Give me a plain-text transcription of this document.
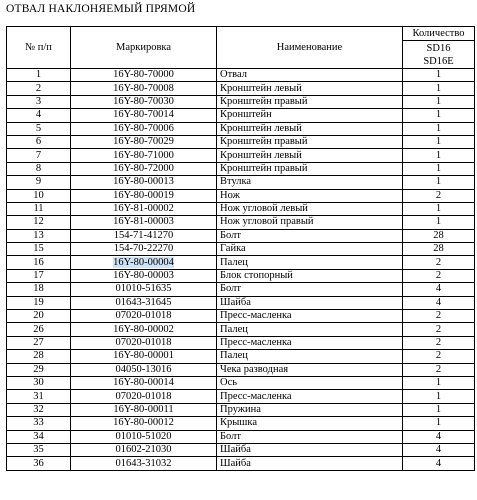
ОТВАЛ НАКЛОНЯЕМЫЙ ПРЯМОЙ
№ п/п	Маркировка	Наименование	Количество

			SD16
SD16E

1	16Y-80-70000	Отвал	1
2	16Y-80-70008	Кронштейн левый	1
3	16Y-80-70030	Кронштейн правый	1
4	16Y-80-70014	Кронштейн	1
5	16Y-80-70006	Кронштейн левый	1
6	16Y-80-70029	Кронштейн правый	1
7	16Y-80-71000	Кронштейн левый	1
8	16Y-80-72000	Кронштейн правый	1
9	16Y-80-00013	Втулка	1
10	16Y-80-00019	Нож	2
11	16Y-81-00002	Нож угловой левый	1
12	16Y-81-00003	Нож угловой правый	1
13	154-71-41270	Болт	28
15	154-70-22270	Гайка	28
16	16Y-80-00004	Палец	2
17	16Y-80-00003	Блок стопорный	2
18	01010-51635	Болт	4
19	01643-31645	Шайба	4
20	07020-01018	Пресс-масленка	2
26	16Y-80-00002	Палец	2
27	07020-01018	Пресс-масленка	2
28	16Y-80-00001	Палец	2
29	04050-13016	Чека разводная	2
30	16Y-80-00014	Ось	1
31	07020-01018	Пресс-масленка	1
32	16Y-80-00011	Пружина	1
33	16Y-80-00012	Крышка	1
34	01010-51020	Болт	4
35	01602-21030	Шайба	4
36	01643-31032	Шайба	4
